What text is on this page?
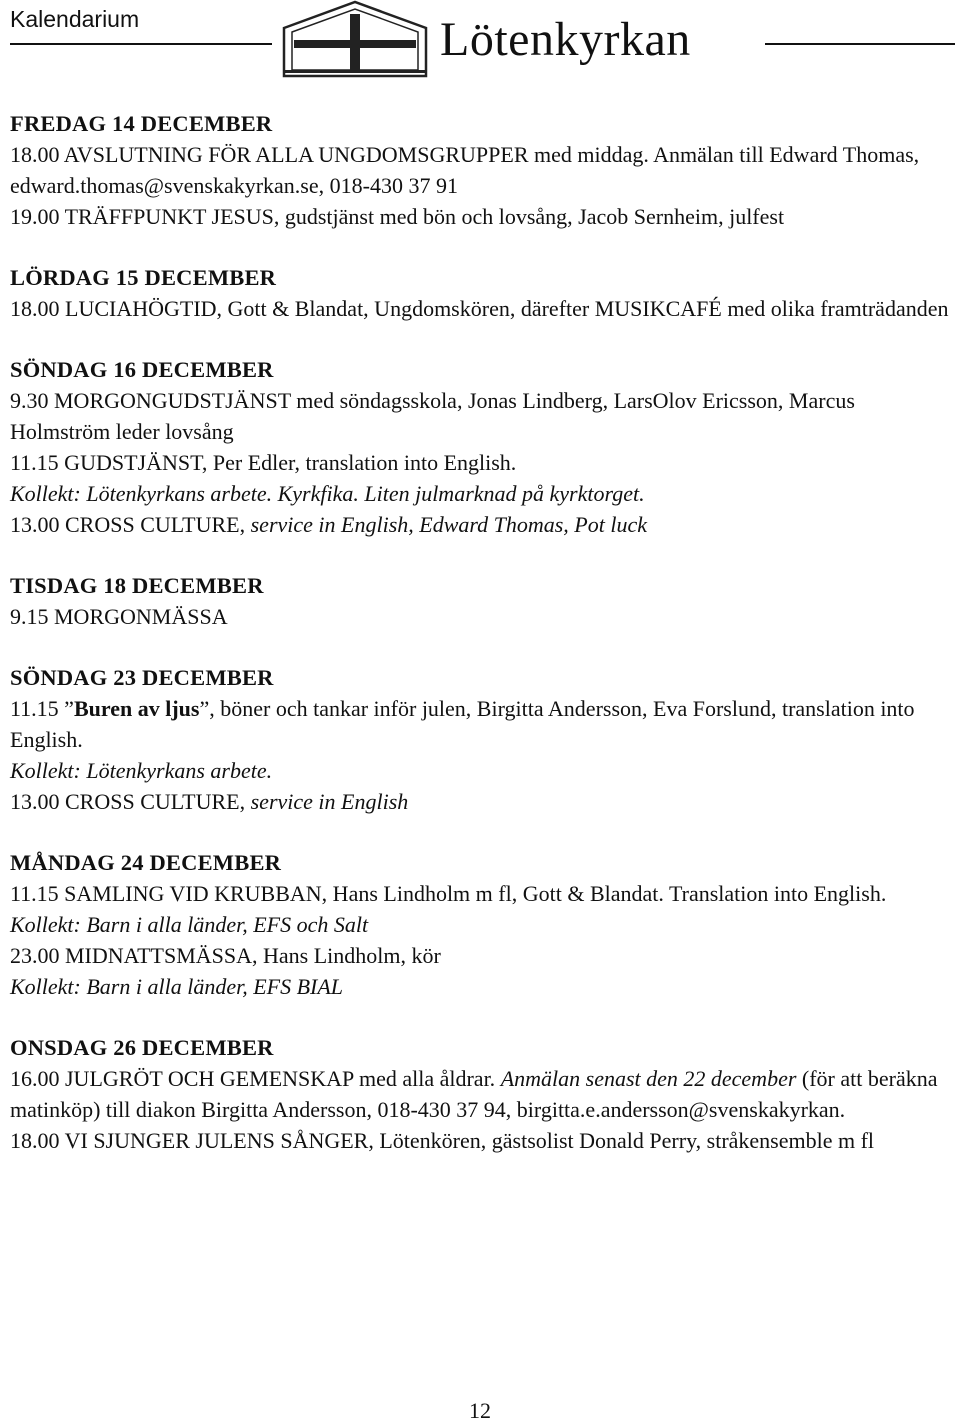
Kalendarium	Lötenkyrkan
FREDAG 14 DECEMBER

18.00 AVSLUTNING FÖR ALLA UNGDOMSGRUPPER med middag. Anmälan till Edward Thomas, edward.thomas@svenskakyrkan.se, 018-430 37 91

19.00 TRÄFFPUNKT JESUS, gudstjänst med bön och lovsång, Jacob Sernheim, julfest

LÖRDAG 15 DECEMBER

18.00 LUCIAHÖGTID, Gott & Blandat, Ungdomskören, därefter MUSIKCAFÉ med olika framträdanden

SÖNDAG 16 DECEMBER

9.30 MORGONGUDSTJÄNST med söndagsskola, Jonas Lindberg, LarsOlov Ericsson, Marcus Holmström leder lovsång

11.15 GUDSTJÄNST, Per Edler, translation into English.

Kollekt: Lötenkyrkans arbete. Kyrkfika. Liten julmarknad på kyrktorget.

13.00 CROSS CULTURE, service in English, Edward Thomas, Pot luck

TISDAG 18 DECEMBER

9.15 MORGONMÄSSA

SÖNDAG 23 DECEMBER

11.15 ”Buren av ljus”, böner och tankar inför julen, Birgitta Andersson, Eva Forslund, translation into English.

Kollekt: Lötenkyrkans arbete.

13.00 CROSS CULTURE, service in English

MÅNDAG 24 DECEMBER

11.15 SAMLING VID KRUBBAN, Hans Lindholm m fl, Gott & Blandat. Translation into English. Kollekt: Barn i alla länder, EFS och Salt

23.00 MIDNATTSMÄSSA, Hans Lindholm, kör

Kollekt: Barn i alla länder, EFS BIAL

ONSDAG 26 DECEMBER

16.00 JULGRÖT OCH GEMENSKAP med alla åldrar. Anmälan senast den 22 december (för att beräkna matinköp) till diakon Birgitta Andersson, 018-430 37 94, birgitta.e.andersson@svenskakyrkan.

18.00 VI SJUNGER JULENS SÅNGER, Lötenkören, gästsolist Donald Perry, stråkensemble m fl

12
